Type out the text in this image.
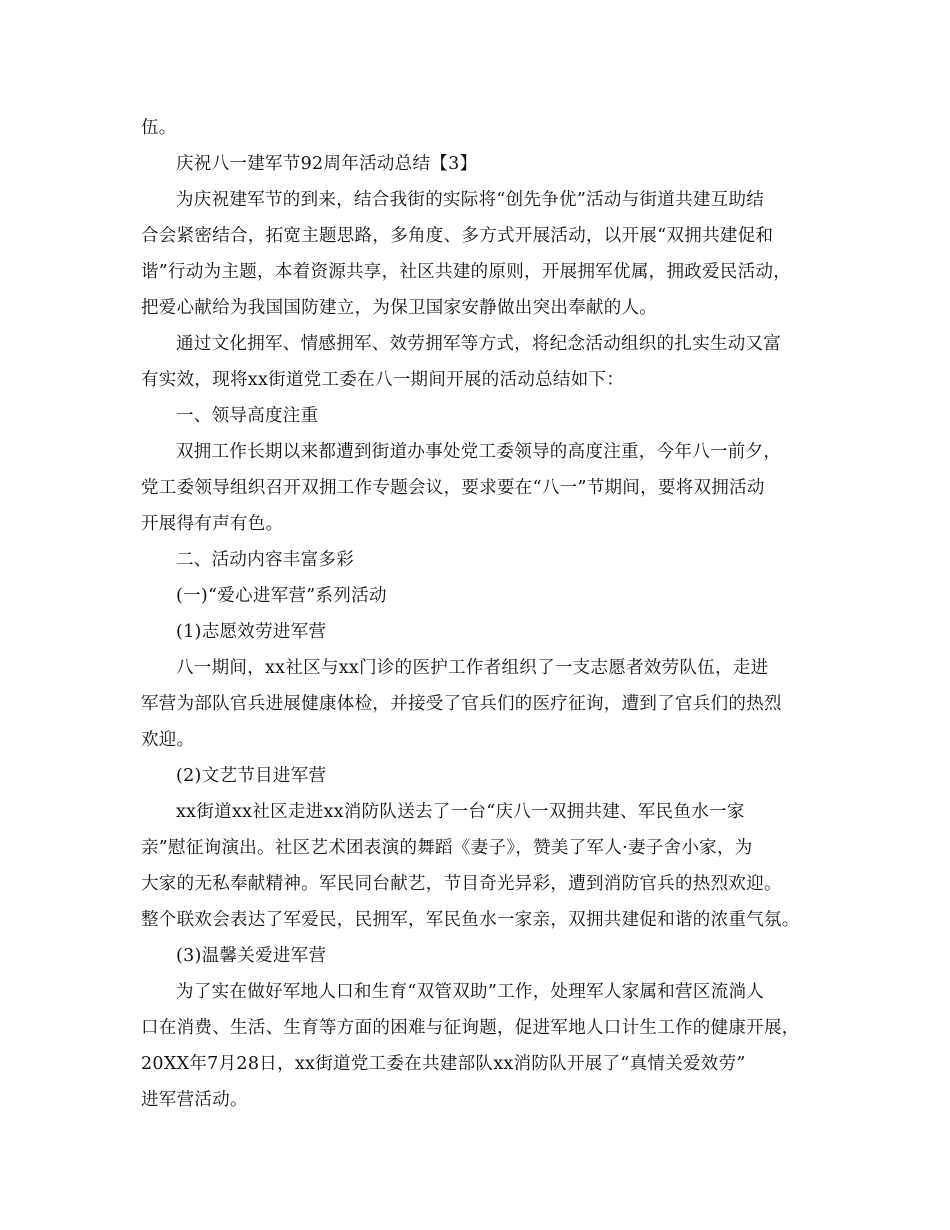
伍。
庆祝八一建军节92周年活动总结【3】
为庆祝建军节的到来，结合我街的实际将“创先争优”活动与街道共建互助结
合会紧密结合，拓宽主题思路，多角度、多方式开展活动，以开展“双拥共建促和
谐”行动为主题，本着资源共享，社区共建的原则，开展拥军优属，拥政爱民活动，
把爱心献给为我国国防建立，为保卫国家安静做出突出奉献的人。
通过文化拥军、情感拥军、效劳拥军等方式，将纪念活动组织的扎实生动又富
有实效，现将xx街道党工委在八一期间开展的活动总结如下：
一、领导高度注重
双拥工作长期以来都遭到街道办事处党工委领导的高度注重，今年八一前夕，
党工委领导组织召开双拥工作专题会议，要求要在“八一”节期间，要将双拥活动
开展得有声有色。
二、活动内容丰富多彩
(一)“爱心进军营”系列活动
(1)志愿效劳进军营
八一期间，xx社区与xx门诊的医护工作者组织了一支志愿者效劳队伍，走进
军营为部队官兵进展健康体检，并接受了官兵们的医疗征询，遭到了官兵们的热烈
欢迎。
(2)文艺节目进军营
xx街道xx社区走进xx消防队送去了一台“庆八一双拥共建、军民鱼水一家
亲”慰征询演出。社区艺术团表演的舞蹈《妻子》，赞美了军人·妻子舍小家，为
大家的无私奉献精神。军民同台献艺，节目奇光异彩，遭到消防官兵的热烈欢迎。
整个联欢会表达了军爱民，民拥军，军民鱼水一家亲，双拥共建促和谐的浓重气氛。
(3)温馨关爱进军营
为了实在做好军地人口和生育“双管双助”工作，处理军人家属和营区流淌人
口在消费、生活、生育等方面的困难与征询题，促进军地人口计生工作的健康开展，
20XX年7月28日，xx街道党工委在共建部队xx消防队开展了“真情关爱效劳”
进军营活动。
